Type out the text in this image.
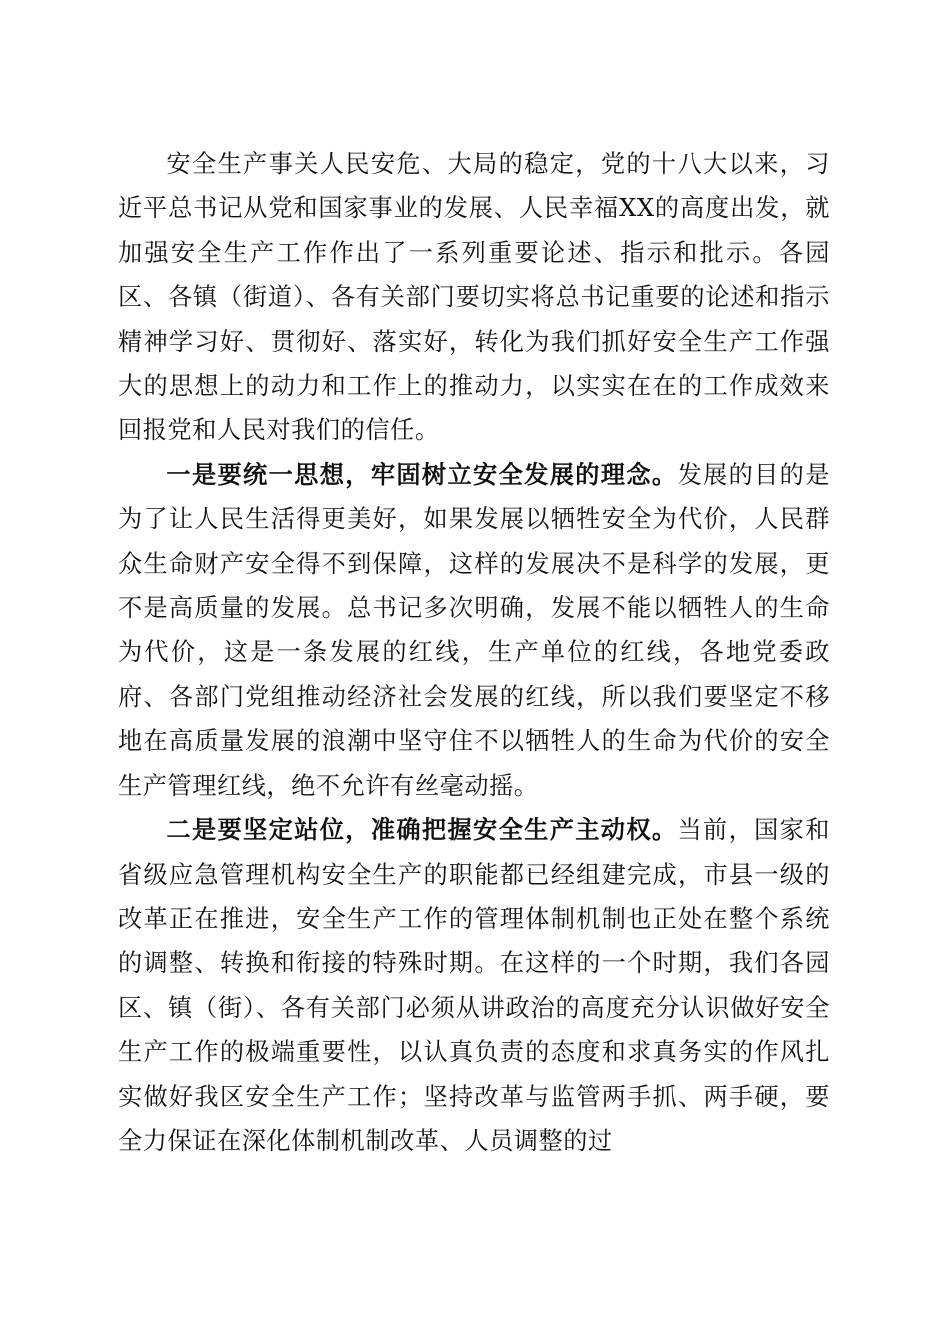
安全生产事关人民安危、大局的稳定，党的十八大以来，习近平总书记从党和国家事业的发展、人民幸福XX的高度出发，就加强安全生产工作作出了一系列重要论述、指示和批示。各园区、各镇（街道）、各有关部门要切实将总书记重要的论述和指示精神学习好、贯彻好、落实好，转化为我们抓好安全生产工作强大的思想上的动力和工作上的推动力，以实实在在的工作成效来回报党和人民对我们的信任。

一是要统一思想，牢固树立安全发展的理念。发展的目的是为了让人民生活得更美好，如果发展以牺牲安全为代价，人民群众生命财产安全得不到保障，这样的发展决不是科学的发展，更不是高质量的发展。总书记多次明确，发展不能以牺牲人的生命为代价，这是一条发展的红线，生产单位的红线，各地党委政府、各部门党组推动经济社会发展的红线，所以我们要坚定不移地在高质量发展的浪潮中坚守住不以牺牲人的生命为代价的安全生产管理红线，绝不允许有丝毫动摇。

二是要坚定站位，准确把握安全生产主动权。当前，国家和省级应急管理机构安全生产的职能都已经组建完成，市县一级的改革正在推进，安全生产工作的管理体制机制也正处在整个系统的调整、转换和衔接的特殊时期。在这样的一个时期，我们各园区、镇（街）、各有关部门必须从讲政治的高度充分认识做好安全生产工作的极端重要性，以认真负责的态度和求真务实的作风扎实做好我区安全生产工作；坚持改革与监管两手抓、两手硬，要全力保证在深化体制机制改革、人员调整的过
